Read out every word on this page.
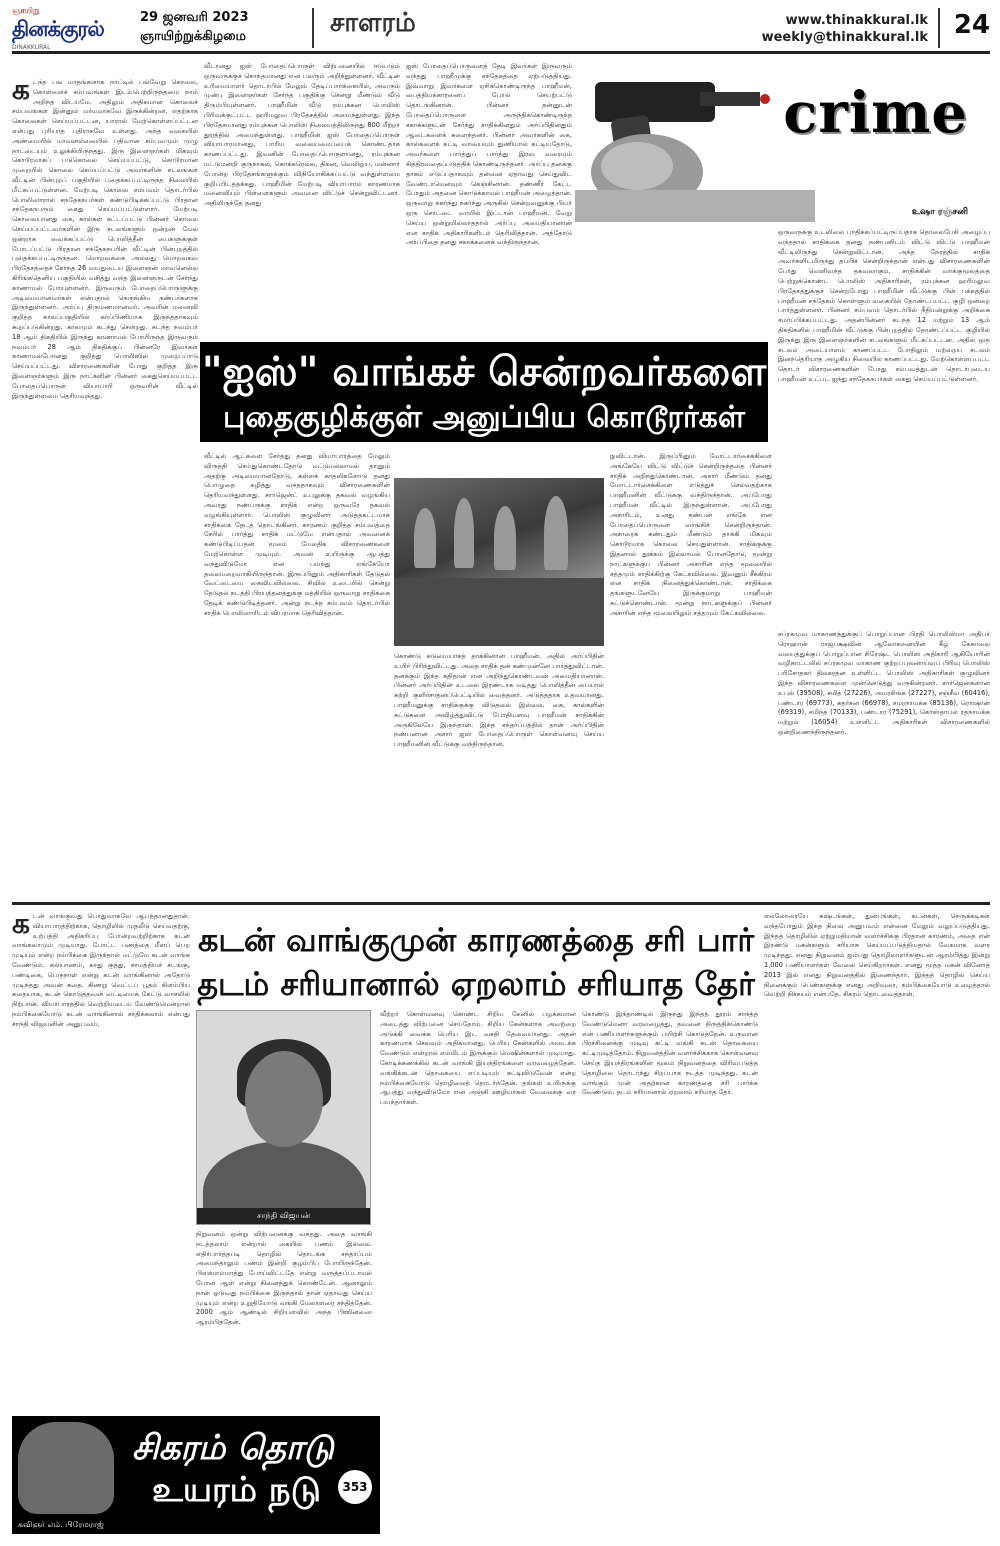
ஞாயிறு
தினக்குரல்
DINAKKURAL
29 ஜனவரி 2023
ஞாயிற்றுக்கிழமை	சாளரம்	www.thinakkural.lk
weekly@thinakkural.lk 24
க டந்த பல மாதங்களாக நாட்டில் பல்வேறு கொலை, கொள்ளைச் சம்பவங்கள் இடம்பெற்றிருந்தமை நாம் அறிந்த விடயமே. அதிலும் அதிகமான கொலைச் சம்பவங்கள் இன்னும் மர்மமாகவே இருக்கின்றன. எதற்காக கொலைகள் செய்யப்பட்டன, யாரால் மேற்கொள்ளப்பட்டன என்பது புரியாத புதிராகவே உள்ளது. அந்த வகையில் அண்மையில் மாவனல்லையில் பதிவான சம்பவமும் முழு நாட்டையும் உலுக்கியிருந்தது. இரு இளைஞர்கள் மிகவும் கொடூரமாகப் படுகொலை செய்யப்பட்டு, கொடூரமான முறையில் கொலை செய்யப்பட்டு அவர்களின் சடலங்கள் வீட்டின் பின்புறப் பகுதியில் புதைக்கப்பட்டிருந்த நிலையில் மீட்கப்பட்டுள்ளன. மேற்படி கொலை சம்பவம் தொடர்பில் பொலிஸாரால் சந்தேகநபர்கள் கண்டுபிடிக்கப்பட்டு பிரதான சந்தேகநபரும் கைது செய்யப்பட்டுள்ளார். மேற்படி கொலையானது கை, கால்கள் கட்டப்பட்டு பின்னர் கொலை செய்யப்பட்டவர்களின் இரு சடலங்களும் ஒன்றன் மேல் ஒன்றாக வைக்கப்பட்டு பொலித்தீன் பைகளுக்குள் போடப்பட்டு பிரதான சந்தேகநபரின் வீட்டின் பின்புறத்தில் புதைக்கப்பட்டிருந்தன. மொறவக்கை அல்லது மொறவகவ பிரதேசத்தைச் சேர்ந்த 26 வயதுடைய இளைஞன் மாவனெல்ல கிரிங்கதெனிய பகுதியில் வசித்து வந்த இளைஞருடன் சேர்ந்து காணாமல் போயுள்ளனர். இருவரும் போதைப்பொருளுக்கு அடிமையானவர்கள் என்பதால் நெருங்கிய நண்பர்களாக இருந்துள்ளனர். அர்ப்பு திருமணமானவர். அவரின் மனைவி குறித்த காலப்பகுதியில் கர்ப்பிணியாக இருந்ததாகவும் கூறப்படுகின்றது. காலமும் கடந்து சென்றது. கடந்த நவம்பர் 18 ஆம் திகதியில் இருந்து காணாமல் போயிருந்த இருவரும் நவம்பர் 28 ஆம் திகதிக்குப் பின்னரே இவர்கள் காணாமல்போனது குறித்து பொலிஸில் முறைப்பாடு செய்யப்பட்டது. விசாரணைகளின் போது குறித்த இரு இளைஞர்களும் இரு நாட்களின் பின்னர் கைதுசெய்யப்பட்ட போதைப்பொருள் வியாபாரி ஒருவரின் வீட்டில் இருந்துள்ளமை தெரியவந்தது.

வீடானது ஐஸ் போதைப்பொருள் விற்பனையில் ஈடுபடும் ஒருவருக்குச் சொந்தமானது என பலரும் அறிந்துள்ளனர். வீட்டின் உரிமையாளர் தொடர்பில் மேலும் தேடிப்பார்க்கையில், அவரும் முன்பு இளைஞர்கள் சேர்ந்த பகுதிக்கு சென்று மீண்டும் வீடு திரும்பியுள்ளனர். பாஹீமின் வீடு ரம்புக்கன பொலிஸ் பிரிவுக்குட்பட்ட ஹரிமலுவ பிரதேசத்தில் அமைந்துள்ளது. இந்த பிரதேசமானது ரம்புக்கன பொலிஸ் நிலையத்திலிருந்து 800 மீற்றர் தூரத்தில் அமைந்துள்ளது. பாஹீமின் ஐஸ் போதைப்பொருள் வியாபாரமானது, பாரிய வலையமைப்பைக் கொண்டதாக காணப்பட்டது. இவனின் போதைப்பொருளானது, ரம்புக்கன மட்டுமன்றி குருநாகல், கொக்கரெல்ல, திகன, வெலிஓய, மன்னார் போன்ற பிரதேசங்களுக்கும் விநியோகிக்கப்பட்டு வந்துள்ளமை குறிப்பிடத்தக்கது. பாஹீமின் மேற்படி வியாபாரம் காரணமாக மனைவியும் பிள்ளைகளும் அவனை விட்டுச் சென்றுவிட்டனர். அதிலிருந்தே தனது

ஐஸ் போதைப்பொருளைத் தேடி இவர்கள் இருவரும் வந்தது பாஹீமுக்கு சந்தேகத்தை ஏற்படுத்தியது. இவ்வாறு இவர்களை ஏசிக்கொண்டிருந்த பாஹீமன், பைத்தியக்காரனைப் போல் செயற்பட்டு தொடங்கினான். பின்னர் தன்னுடன் போதைப்பொருளை அருந்திக்கொண்டிருந்த சகாக்களுடன் சேர்ந்து சாதிக்கினதும் அர்ப்பிதினதும் ஆடைகளைக் களைந்தனர். பின்னர் அவர்களின் கை, கால்களைக் கட்டி வாயையும் துணியால் கட்டியதோடு, அவர்களை பார்த்துப் பார்த்து இரவு வரையும் சித்திரவதைப்படுத்திக் கொண்டிருந்தனர். அர்ப்பு தனக்கு தாகம் எடுப்பதாகவும் தன்னை ஏதாவது செய்துவிட வேண்டாமெனவும் கெஞ்சினான். தண்ணீர் கேட்ட போதும் அதனை கொடுக்காமல் பாஹீமன் அழைத்தான். ஒருவாறு நகர்ந்து நகர்ந்து அருகில் சென்றவனுக்கு பியர் ஒரு சொட்டை வாயில் இட்டான் பாஹீமன். வேறு செய்ய ஒன்றுமில்லாததால் அர்ப்பு அமைதியானான் என சாதிக் அதிகாரிகளிடம் தெரிவித்தான். அத்தோடு அர்ப்பிதை தனது சகாக்களைக் வந்திருந்தான்.

crime
உஷா ரஞ்சனி

ஒருவருக்கு உடலிலை பாதிக்கப்பட்டிருப்பதாக தொலைபேசி அழைப்பு வந்ததால் சாதிக்கை தனது நண்பனிடம் விட்டு விட்டு பாஹீமன் வீட்டிலிருந்து சென்றுவிட்டான். அந்த நேரத்தில் சாதிக் அவர்களிடமிருந்து தப்பிச் சென்றிருந்தான் என்பது விசாரணைகளின் போது வெளிவந்த தகவலாகும். சாதிக்கின் வாக்குமூலத்தை பெற்றுக்கொண்ட பொலிஸ் அதிகாரிகள், ரம்புக்கன ஹரிமலுவ பிரதேசத்துக்குச் சென்றபோது பாஹீமின் வீட்டுக்கு பின் பக்கத்தில் பாஹீமன் சந்தேகம் கொள்ளும் வகையில் தோண்டப்பட்ட குழி ஒன்றை பார்த்துள்ளனர். பின்னர் சம்பவம் தொடர்பில் நீதிமன்றுக்கு அறிக்கை சமர்ப்பிக்கப்பட்டது. அதன்பின்னர் கடந்த 12 மற்றும் 13 ஆம் திகதிகளில் பாஹீமின் வீட்டுக்கு பின்புறத்தில் தோண்டப்பட்ட குழியில் இருந்து இரு இளைஞர்களின் சடலங்களும் மீட்கப்பட்டன. அதில் ஒரு சடலம் அடையாளம் காணப்பட்ட போதிலும் மற்றைய சடலம் இனந்தெரியாத அழுகிய நிலையில் காணப்பட்டது. மேற்கொள்ளப்பட்ட தொடர் விசாரணைகளின் போது சம்பவத்துடன் தொடர்புடைய பாஹீமன் உட்பட ஐந்து சந்தேகநபர்கள் கைது செய்யப்பட்டுள்ளனர்.

சப்ரகமுவ மாகாணத்துக்குப் பொறுப்பான பிரதி பொலிஸ்மா அதிபர் ரொஹான் ராஜபக்ஷவின் ஆலோசனையின் கீழ் கேகாலை வலயத்துக்குப் பொறுப்பான சிரேஷ்ட பொலிஸ் அதிகாரி ஆகியோரின் வழிகாட்டலில் சப்ரகமுவ மாகாண குற்றப்புலனாய்வுப் பிரிவு பொலிஸ் பரிசோதகர் திலகரத்ன உள்ளிட்ட பொலிஸ் அதிகாரிகள் குழுவினர் இந்த விசாரணைகளை முன்னெடுத்து வருகின்றனர். சார்ஜென்களான உபுல் (39508), சமித் (27226), அமரசிங்க (27227), சஞ்சீவ (60416), பண்டார (69773), சுதர்சன (66978), சமரநாயக்க (85136), ரொஷான் (69319), சமிந்த (70133), பண்டார (75291), கொஸ்தாபல் ரத்நாயக்க மற்றும் (16054) உள்ளிட்ட அதிகாரிகள் விசாரணைகளில் ஒன்றிணைந்திருந்தனர்.

"ஐஸ்" வாங்கச் சென்றவர்களை
புதைகுழிக்குள் அனுப்பிய கொடூரர்கள்

வீட்டில் ஆட்களை சேர்த்து தனது வியாபாரத்தை மேலும் விருத்தி செய்துகொண்டதோடு மட்டுமல்லாமல் தானும் அதற்கு அடிமையானதோடு, கள்ளக் காதலிகளோடு தனது பொழுதை கழித்து வந்ததாகவும் விசாரணைகளின் தெரியவந்துள்ளது. சார்ஜென்ட் உபுலுக்கு தகவல் வழங்கிய அவரது நண்பருக்கு சாதிக் என்ற ஒருவரே தகவல் வழங்கியுள்ளார். பொலிஸ் குழுவினர் அடுத்தகட்டமாக சாதிக்கை தேடத் தொடங்கினர். காரணம் குறித்த சம்பவத்தை நேரில் பார்த்து சாதிக் மட்டுமே என்பதால் அவனைக் கண்டுபிடிப்பதன் மூலம் மேலதிக விசாரணைகளை மேற்கொள்ள முடியும். அவன் உயிருக்கு ஆபத்து வந்துவிடுமோ என பயந்து எங்கேயோ தலைமறைவாகியிருந்தான். இருப்பினும் அதிகாரிகள் தேடுதல் வேட்டையை கைவிடவில்லை. சிவில் உடையில் சென்று தேடுதல் நடத்தி பிரயத்தனத்துக்கு மத்தியில் ஒருவாறு சாதிக்கை தேடிக் கண்டுபிடித்தனர். அன்று நடந்த சம்பவம் தொடர்பில் சாதிக் பொலிஸாரிடம் விபரமாக தெரிவித்தான்.

கொண்டு கடுமையாகத் தாக்கினான் பாஹீமன். அதில் அர்ப்பிதின் உயிர் பிரிந்துவிட்டது. அதை சாதிக் தன் கண்முன்னே பார்த்துவிட்டான். தனக்கும் இந்த கதிதான் என அறிந்துகொண்டவன் அமைதியானான். பின்னர் அர்ப்பிதின் உடலை இரண்டாக மடித்து பொலித்தீன் பையால் சுற்றி குளிர்சாதனப்பெட்டியில் வைத்தனர். அடுத்ததாக உதவமானது. பாஹீமனுக்கு சாதிக்குக்கு விடுதலை இல்லை. கை, கால்களின் கட்டுகளை அவிழ்த்துவிட்டு போதியளவு பாஹீமன் சாதிக்கின் அருகிலேயே இருந்தான். இந்த சந்தர்ப்பத்தில் தான் அர்ப்பிதின் நண்பனான அசார் ஐஸ் போதைப்பொருள் கொள்வனவு செய்ய பாஹீமனின் வீட்டுக்கு வந்திருந்தான்.

நுவிட்டான். இருப்பினும் மோட்டார்சைக்கிளை அங்கேயே விட்டு விட்டுச் சென்றிருந்ததை பின்னர் சாதிக் அறிந்துகொண்டான். அசார் மீண்டும் தனது மோட்டார்சைக்கிளை எடுத்துச் செல்வதற்காக பாஹீமனின் வீட்டுக்கு வந்திருந்தான். அப்போது பாஹீமன் வீட்டில் இருந்துள்ளான். அப்போது அசாரிடம், உனது நண்பன் எங்கே என போதைப்பொருளை வாங்கிச் சென்றிருந்தான். அசாரைக் கண்டதும் மீண்டும் தாக்கி மிகவும் கொடூரமாக கொலை செய்துள்ளான். சாதிக்குக்கு இதனால் தூக்கம் இல்லாமல் போனதோடு, மூன்று நாட்களுக்குப் பின்னர் அசாரின் எந்த மூலையில் சத்தமும் சாதிக்கிற்கு கேட்கவில்லை. இவனும் சீக்கிரம் என சாதிக் நினைத்துக்கொண்டான். சாதிக்கை தங்களுடனேயே இருக்குமாறு பாஹீமன் கட்டுக்கொண்டான். மூன்று நாட்களுக்குப் பின்னர் அசாரின் எந்த மூலையிலும் சத்தமும் கேட்கவில்லை.

க டன் வாங்குவது பொதுவாகவே ஆபத்தானதுதான். வியாபாரத்திற்காக, தொழிலில் முதலீடு செய்வதற்கு, உற்பத்தி அதிகரிப்பு போன்றவற்றிற்காக கடன் வாங்கலாமும் முடியாது. போட்ட பணத்தை மீளப் பெற முடியும் என்ற நம்பிக்கை இருந்தால் மட்டுமே கடன் வாங்க வேண்டும். கல்யாணம், காது குத்து, சாமத்தியச் சடங்கு, பண்டிகை, பெருநாள் என்று கடன் வாங்கினால் அதோடு முடிந்தது அவன் கதை. கிணறு வெட்டப் பூதம் கிளம்பிய கதையாக, கடன் கொடுத்தவன் வட்டியைக் கேட்டு வாசலில் நிற்பான். வியாபாரத்தில் வெற்றியடைய வேண்டுமென்றால் நம்பிக்கையோடு கடன் வாங்கினால் சாதிக்கலாம் என்பது சாந்தி விஜயனின் அனுபவம்.

கடன் வாங்குமுன் காரணத்தை சரி பார்
தடம் சரியானால் ஏறலாம் சரியாத தேர்
சாந்தி விஜயன்

நிறுவனம் ஒன்று விற்பனைக்கு வந்தது. அதை வாங்கி நடத்தலாம் என்றால் கையில் பணம் இல்லை. எதிர்பார்த்தபடி தொழில் தொடங்க சந்தர்ப்பம் அமைந்தாலும் பணம் இன்றி குழம்பிப் போயிருந்தேன். பிஎஸ்எம்மாத்து போய்விட்டதே என்று வருத்தப்படாமல் போன ஆள் என்று நினைத்துக் கொண்டேன். ஆனாலும் நான் ஓடுவது நம்பிக்கை இருந்தால் தான் ஏதாவது செய்ய முடியும் என்ற உறுதியோடு வங்கி மேலாளரை சந்தித்தேன். 2000 ஆம் ஆண்டில் சிறியளவில் அந்த பிஸினஸை ஆரம்பித்தேன்.

வீற்றர் கொள்வனவு கொண்ட சிறிய கேனில் பழக்கமான அடைத்து விற்பனை செய்தோம். சிறிய கேன்களாக அவற்றை அடுக்கி வைக்க பெரிய இட வசதி தேவையானது. அதன் காரணமாக செலவும் அதிகமானது. பெரிய கேன்களில் அடைக்க வேண்டும் என்றால் எம்மிடம் இருக்கும் மெஷின்களால் முடியாது. கோடிக்கணக்கில் கடன் வாங்கி இயந்திரங்களை வரவழைத்தேன். வங்கிக்கடன் தொகையை எப்படியும் கட்டிவிடுவேன் என்ற நம்பிக்கையோடு தொழிலைத் தொடர்ந்தேன். தங்கள் உயிருக்கு ஆபத்து வந்துவிடுமோ என அஞ்சி ஊழியர்கள் வேலைக்கு வர பயந்தார்கள்.

கொண்டு இந்தாண்டில் இருந்து இந்தத் தூரம் சாந்த்த வேண்டுமெனா வரவழைத்து, தவனை திருத்திக்கொண்டு என் பணியாளர்களுக்கும் பயிற்சி கொடுத்தேன். உருவான பிரச்சினைக்கு முடிவு கட்டி வங்கி கடன் தொகையை கட்டிமுடித்தோம். நிறுவனத்தின் வளர்ச்சிக்காக கொள்வனவு செய்த இயந்திரங்களின் மூலம் நிறுவனத்தை விரிவுபடுத்த தொழிலை தொடர்ந்து சிறப்பாக நடத்த முடிந்தது. கடன் வாங்கும் முன் அதற்கான காரணத்தை சரி பார்க்க வேண்டும். தடம் சரியானால் ஏறலாம் சரியாத தேர்.

எல்லோரையே கஷ்டங்கள், துன்பங்கள், கடன்கள், நெருக்கடிகள் வந்தபோதும் இந்த நிலை அனுபவம் என்னை மேலும் வலுப்படுத்தியது. இந்தத் தொழிலில் ஏற்றுமதியான் வளர்ச்சிக்கு பிரதான காரணம், அதை என் இரண்டு மகன்களும் சரியாக செய்யப்படுத்தியதால் வேகமாக வளர முடிந்தது. எனது நிறுவனம் ஐம்பது தொழிலாளர்களுடன் ஆரம்பித்து இன்று 1,000 பணியாளர்கள் வேலை செய்கிறார்கள். எனது மூத்த மகன் வினோத் 2013 இல் எனது நிறுவனத்தில் இணைந்தார். இந்தத் தொழில் செய்ய நினைக்கும் பெண்களுக்கு எனது அறிவுரை, நம்பிக்கையோடு உழைத்தால் வெற்றி நிச்சயம் என்பதே. சிகரம் தொடவைத்தான்.

சிகரம் தொடு
உயரம் நடு	353
கவிஞர் எம். பிரேமராஜ்
